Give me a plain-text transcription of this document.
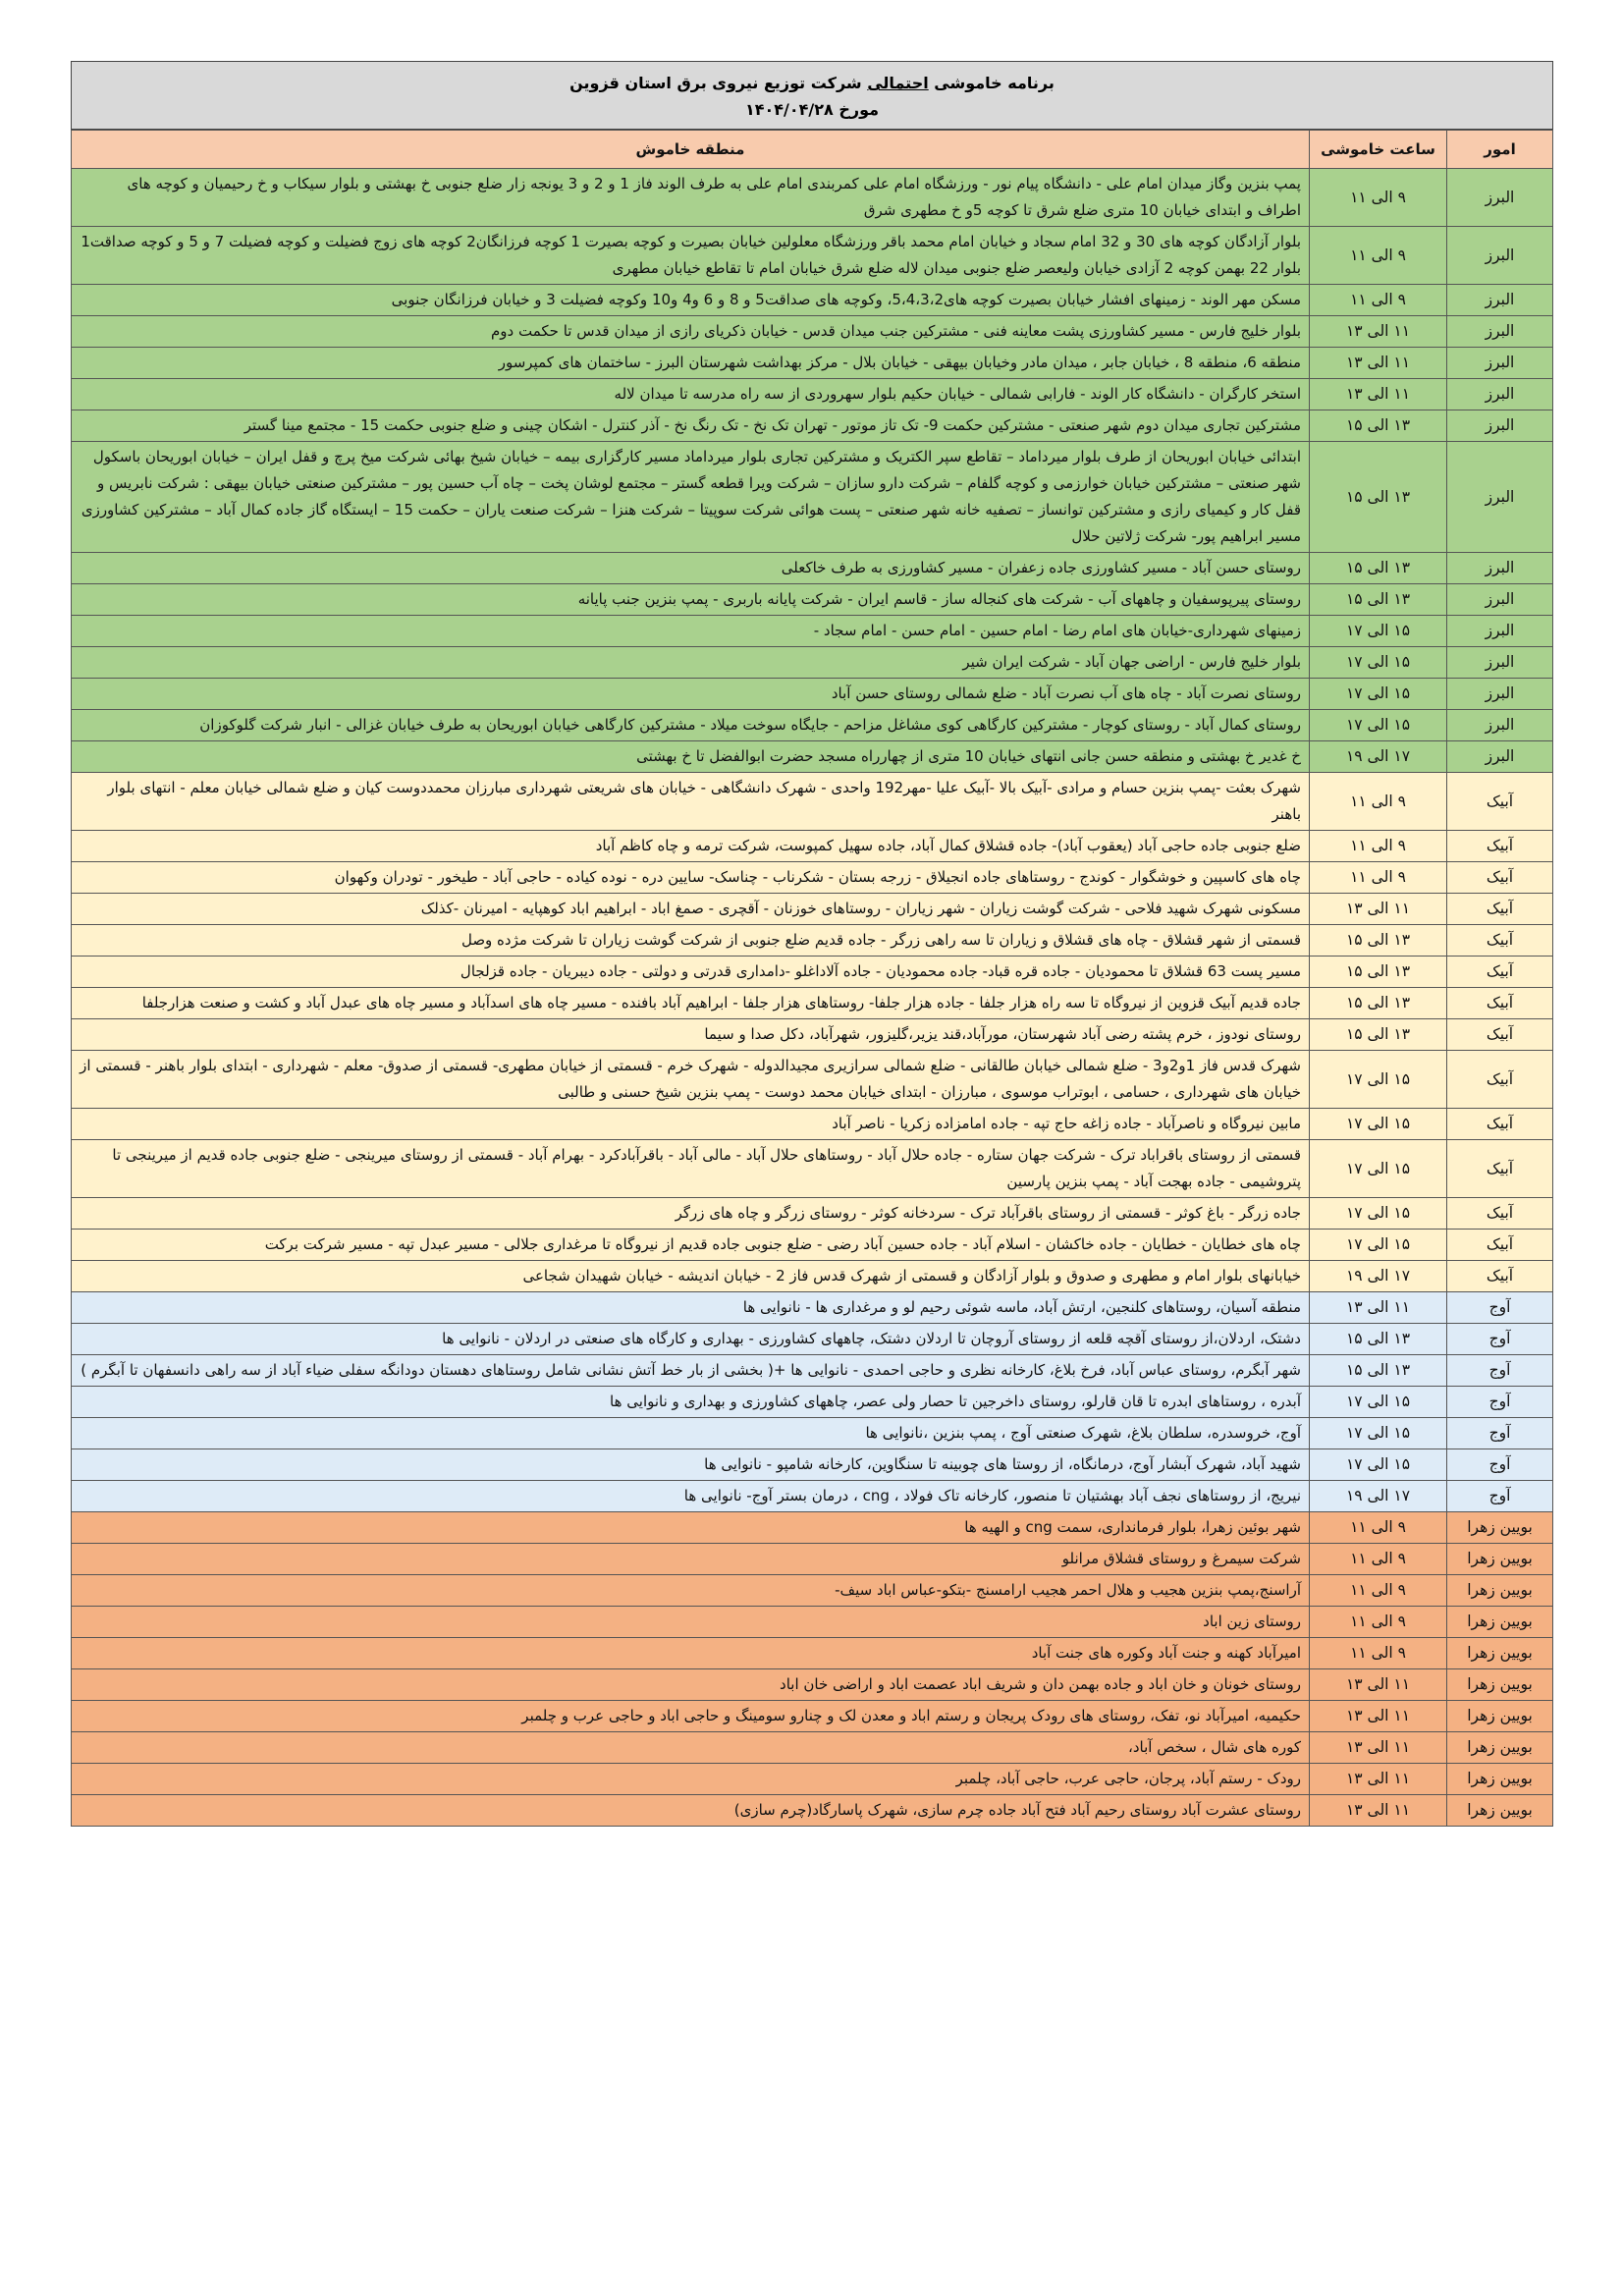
برنامه خاموشی احتمالی شرکت توزیع نیروی برق استان قزوین
مورخ ۱۴۰۴/۰۴/۲۸
امور	ساعت خاموشی	منطقه خاموش
البرز	۹ الی ۱۱	پمپ بنزین وگاز میدان امام علی - دانشگاه پیام نور - ورزشگاه امام علی کمربندی امام علی به طرف الوند فاز 1 و 2 و 3 یونجه زار ضلع جنوبی خ بهشتی و بلوار سیکاب و خ رحیمیان و کوچه های اطراف و ابتدای خیابان 10 متری ضلع شرق تا کوچه 5و خ مطهری شرق
البرز	۹ الی ۱۱	بلوار آزادگان کوچه های 30 و 32 امام سجاد و خیابان امام محمد باقر ورزشگاه معلولین خیابان بصیرت و کوچه بصیرت 1 کوچه فرزانگان2 کوچه های زوج فضیلت و کوچه فضیلت 7 و 5 و کوچه صداقت1 بلوار 22 بهمن کوچه 2 آزادی خیابان ولیعصر ضلع جنوبی میدان لاله ضلع شرق خیابان امام تا تقاطع خیابان مطهری
البرز	۹ الی ۱۱	مسکن مهر الوند - زمینهای افشار خیابان بصیرت کوچه های5،4،3،2، وکوچه های صداقت5 و 8 و 6 و4 و10 وکوچه فضیلت 3 و خیابان فرزانگان جنوبی
البرز	۱۱ الی ۱۳	بلوار خلیج فارس - مسیر کشاورزی پشت معاینه فنی - مشترکین جنب میدان قدس - خیابان ذکریای رازی از میدان قدس تا حکمت دوم
البرز	۱۱ الی ۱۳	منطقه 6، منطقه 8 ، خیابان جابر ، میدان مادر وخیابان بیهقی - خیابان بلال - مرکز بهداشت شهرستان البرز - ساختمان های کمپرسور
البرز	۱۱ الی ۱۳	استخر کارگران - دانشگاه کار الوند - فارابی شمالی - خیابان حکیم بلوار سهروردی از سه راه مدرسه تا میدان لاله
البرز	۱۳ الی ۱۵	مشترکین تجاری میدان دوم شهر صنعتی - مشترکین حکمت 9- تک تاز موتور - تهران تک نخ - تک رنگ نخ - آذر کنترل - اشکان چینی و ضلع جنوبی حکمت 15 - مجتمع مینا گستر
البرز	۱۳ الی ۱۵	ابتدائی خیابان ابوریحان از طرف بلوار میرداماد – تقاطع سپر الکتریک و مشترکین تجاری بلوار میرداماد مسیر کارگزاری بیمه – خیابان شیخ بهائی شرکت میخ پرچ و قفل ایران – خیابان ابوریحان باسکول شهر صنعتی – مشترکین خیابان خوارزمی و کوچه گلفام – شرکت دارو سازان – شرکت ویرا قطعه گستر – مجتمع لوشان پخت – چاه آب حسین پور – مشترکین صنعتی خیابان بیهقی : شرکت نابریس و قفل کار و کیمیای رازی و مشترکین توانساز – تصفیه خانه شهر صنعتی – پست هوائی شرکت سوپیتا – شرکت هنزا – شرکت صنعت یاران – حکمت 15 – ایستگاه گاز جاده کمال آباد – مشترکین کشاورزی مسیر ابراهیم پور- شرکت ژلاتین حلال
البرز	۱۳ الی ۱۵	روستای حسن آباد - مسیر کشاورزی جاده زعفران - مسیر کشاورزی به طرف خاکعلی
البرز	۱۳ الی ۱۵	روستای پیرپوسفیان و چاههای آب - شرکت های کنجاله ساز - قاسم ایران - شرکت پایانه باربری - پمپ بنزین جنب پایانه
البرز	۱۵ الی ۱۷	زمینهای شهرداری-خیابان های امام رضا - امام حسین - امام حسن - امام سجاد -
البرز	۱۵ الی ۱۷	بلوار خلیج فارس - اراضی جهان آباد - شرکت ایران شیر
البرز	۱۵ الی ۱۷	روستای نصرت آباد - چاه های آب نصرت آباد - ضلع شمالی روستای حسن آباد
البرز	۱۵ الی ۱۷	روستای کمال آباد - روستای کوچار - مشترکین کارگاهی کوی مشاغل مزاحم - جایگاه سوخت میلاد - مشترکین کارگاهی خیابان ابوریحان به طرف خیابان غزالی - انبار شرکت گلوکوزان
البرز	۱۷ الی ۱۹	خ غدیر خ بهشتی و منطقه حسن جانی انتهای خیابان 10 متری از چهارراه مسجد حضرت ابوالفضل تا خ بهشتی
آبیک	۹ الی ۱۱	شهرک بعثت -پمپ بنزین حسام و مرادی -آبیک بالا -آبیک علیا -مهر192 واحدی - شهرک دانشگاهی - خیابان های شریعتی شهرداری مبارزان محمددوست کیان و ضلع شمالی خیابان معلم - انتهای بلوار باهنر
آبیک	۹ الی ۱۱	ضلع جنوبی جاده حاجی آباد (یعقوب آباد)- جاده قشلاق کمال آباد، جاده سهیل کمپوست، شرکت ترمه و چاه کاظم آباد
آبیک	۹ الی ۱۱	چاه های کاسپین و خوشگوار - کوندج - روستاهای جاده انجیلاق - زرجه بستان - شکرناب - چناسک- سایین دره - نوده کیاده - حاجی آباد - طیخور - تودران وکهوان
آبیک	۱۱ الی ۱۳	مسکونی شهرک شهید فلاحی - شرکت گوشت زیاران - شهر زیاران - روستاهای خوزنان - آقچری - صمغ اباد - ابراهیم اباد کوهپایه - امیرنان -کذلک
آبیک	۱۳ الی ۱۵	قسمتی از شهر قشلاق - چاه های قشلاق و زیاران تا سه راهی زرگر - جاده قدیم ضلع جنوبی از شرکت گوشت زیاران تا شرکت مژده وصل
آبیک	۱۳ الی ۱۵	مسیر پست 63 قشلاق تا محمودیان - جاده قره قباد- جاده محمودیان - جاده آلاداغلو -دامداری قدرتی و دولتی - جاده دیبریان - جاده قزلجال
آبیک	۱۳ الی ۱۵	جاده قدیم آبیک قزوین از نیروگاه تا سه راه هزار جلفا - جاده هزار جلفا- روستاهای هزار جلفا - ابراهیم آباد بافنده - مسیر چاه های اسدآباد و مسیر چاه های عبدل آباد و کشت و صنعت هزارجلفا
آبیک	۱۳ الی ۱۵	روستای نودوز ، خرم پشته رضی آباد شهرستان، مورآباد،قند یزیر،گلیزور، شهرآباد، دکل صدا و سیما
آبیک	۱۵ الی ۱۷	شهرک قدس فاز 1و2و3 - ضلع شمالی خیابان طالقانی - ضلع شمالی سرازیری مجیدالدوله - شهرک خرم - قسمتی از خیابان مطهری- قسمتی از صدوق- معلم - شهرداری - ابتدای بلوار باهنر - قسمتی از خیابان های شهرداری ، حسامی ، ابوتراب موسوی ، مبارزان - ابتدای خیابان محمد دوست - پمپ بنزین شیخ حسنی و طالبی
آبیک	۱۵ الی ۱۷	مابین نیروگاه و ناصرآباد - جاده زاغه حاج تپه - جاده امامزاده زکریا - ناصر آباد
آبیک	۱۵ الی ۱۷	قسمتی از روستای باقراباد ترک - شرکت جهان ستاره - جاده حلال آباد - روستاهای حلال آباد - مالی آباد - باقرآبادکرد - بهرام آباد - قسمتی از روستای میرینجی - ضلع جنوبی جاده قدیم از میرینجی تا پتروشیمی - جاده بهجت آباد - پمپ بنزین پارسین
آبیک	۱۵ الی ۱۷	جاده زرگر - باغ کوثر - قسمتی از روستای باقرآباد ترک - سردخانه کوثر - روستای زرگر و چاه های زرگر
آبیک	۱۵ الی ۱۷	چاه های خطایان - خطایان - جاده خاکشان - اسلام آباد - جاده حسین آباد رضی - ضلع جنوبی جاده قدیم از نیروگاه تا مرغداری جلالی - مسیر عبدل تپه - مسیر شرکت برکت
آبیک	۱۷ الی ۱۹	خیابانهای بلوار امام و مطهری و صدوق و بلوار آزادگان و قسمتی از شهرک قدس فاز 2 - خیابان اندیشه - خیابان شهیدان شجاعی
آوج	۱۱ الی ۱۳	منطقه آسیان، روستاهای کلنجین، ارتش آباد، ماسه شوئی رحیم لو و مرغداری ها - نانوایی ها
آوج	۱۳ الی ۱۵	دشتک، اردلان،از روستای آقچه قلعه از روستای آروچان تا اردلان دشتک، چاههای کشاورزی - بهداری و کارگاه های صنعتی در اردلان - نانوایی ها
آوج	۱۳ الی ۱۵	شهر آبگرم، روستای عباس آباد، فرخ بلاغ، کارخانه نظری و حاجی احمدی - نانوایی ها +( بخشی از بار خط آتش نشانی شامل روستاهای دهستان دودانگه سفلی ضیاء آباد از سه راهی دانسفهان تا آبگرم )
آوج	۱۵ الی ۱۷	آبدره ، روستاهای ابدره تا قان قارلو، روستای داخرجین تا حصار ولی عصر، چاههای کشاورزی و بهداری و نانوایی ها
آوج	۱۵ الی ۱۷	آوج، خروسدره، سلطان بلاغ، شهرک صنعتی آوج ، پمپ بنزین ،نانوایی ها
آوج	۱۵ الی ۱۷	شهید آباد، شهرک آبشار آوج، درمانگاه، از روستا های چوبینه تا سنگاوین، کارخانه شامپو - نانوایی ها
آوج	۱۷ الی ۱۹	نیریج، از روستاهای نجف آباد بهشتیان تا منصور، کارخانه تاک فولاد ، cng ، درمان بستر آوج- نانوایی ها
بویین زهرا	۹ الی ۱۱	شهر بوئین زهرا، بلوار فرمانداری، سمت cng و الهیه ها
بویین زهرا	۹ الی ۱۱	شرکت سیمرغ و روستای قشلاق مرانلو
بویین زهرا	۹ الی ۱۱	آراسنج،پمپ بنزین هجیب و هلال احمر هجیب ارامسنج -بتکو-عباس اباد سیف-
بویین زهرا	۹ الی ۱۱	روستای زین اباد
بویین زهرا	۹ الی ۱۱	امیرآباد کهنه و جنت آباد وکوره های جنت آباد
بویین زهرا	۱۱ الی ۱۳	روستای خونان و خان اباد و جاده بهمن دان و شریف اباد عصمت اباد و اراضی خان اباد
بویین زهرا	۱۱ الی ۱۳	حکیمیه، امیرآباد نو، تفک، روستای های رودک پریجان و رستم اباد و معدن لک و چنارو سومینگ و حاجی اباد و حاجی عرب و چلمبر
بویین زهرا	۱۱ الی ۱۳	کوره های شال ، سخص آباد،
بویین زهرا	۱۱ الی ۱۳	رودک - رستم آباد، پرجان، حاجی عرب، حاجی آباد، چلمبر
بویین زهرا	۱۱ الی ۱۳	روستای عشرت آباد روستای رحیم آباد فتح آباد جاده چرم سازی، شهرک پاسارگاد(چرم سازی)
